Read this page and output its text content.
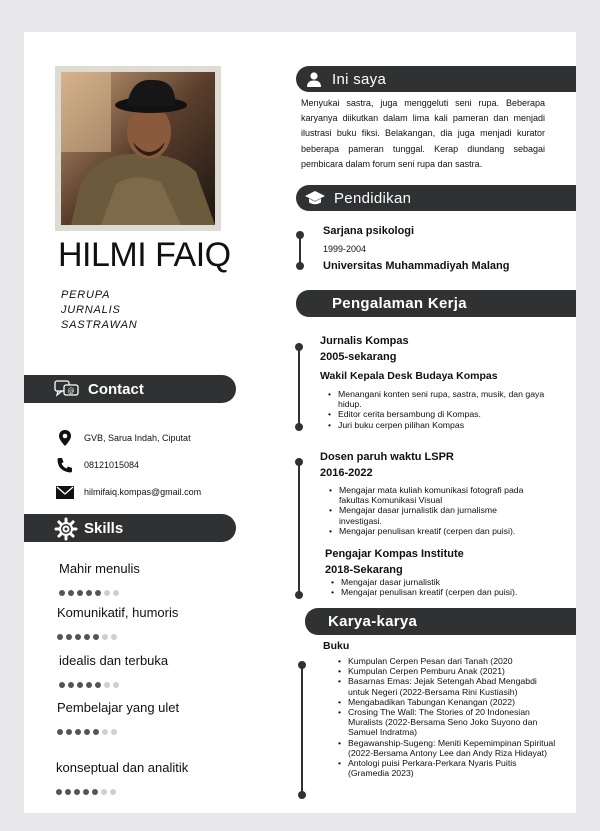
HILMI FAIQ
PERUPA
JURNALIS
SASTRAWAN
@ Contact
GVB, Sarua Indah, Ciputat
08121015084
hilmifaiq.kompas@gmail.com
Skills
Mahir menulis
Komunikatif, humoris
idealis dan terbuka
Pembelajar yang ulet
konseptual dan analitik
Ini saya
Menyukai sastra, juga menggeluti seni rupa. Beberapa karyanya diikutkan dalam lima kali pameran dan menjadi ilustrasi buku fiksi. Belakangan, dia juga menjadi kurator beberapa pameran tunggal. Kerap diundang sebagai pembicara dalam forum seni rupa dan sastra.
Pendidikan
Sarjana psikologi
1999-2004
Universitas Muhammadiyah Malang
Pengalaman Kerja
Jurnalis Kompas
2005-sekarang
Wakil Kepala Desk Budaya Kompas
• Menangani konten seni rupa, sastra, musik, dan gaya hidup.
• Editor cerita bersambung di Kompas.
• Juri buku cerpen pilihan Kompas
Dosen paruh waktu LSPR
2016-2022
• Mengajar mata kuliah komunikasi fotografi pada fakultas Komunikasi Visual
• Mengajar dasar jurnalistik dan jurnalisme investigasi.
• Mengajar penulisan kreatif (cerpen dan puisi).
Pengajar Kompas Institute
2018-Sekarang
• Mengajar dasar jurnalistik
• Mengajar penulisan kreatif (cerpen dan puisi).
Karya-karya
Buku
• Kumpulan Cerpen Pesan dari Tanah (2020
• Kumpulan Cerpen Pemburu Anak (2021)
• Basarnas Emas: Jejak Setengah Abad Mengabdi untuk Negeri (2022-Bersama Rini Kustiasih)
• Mengabadikan Tabungan Kenangan (2022)
• Crosing The Wall: The Stories of 20 Indonesian Muralists (2022-Bersama Seno Joko Suyono dan Samuel Indratma)
• Begawanship-Sugeng: Meniti Kepemimpinan Spiritual (2022-Bersama Antony Lee dan Andy Riza Hidayat)
• Antologi puisi Perkara-Perkara Nyaris Puitis (Gramedia 2023)
